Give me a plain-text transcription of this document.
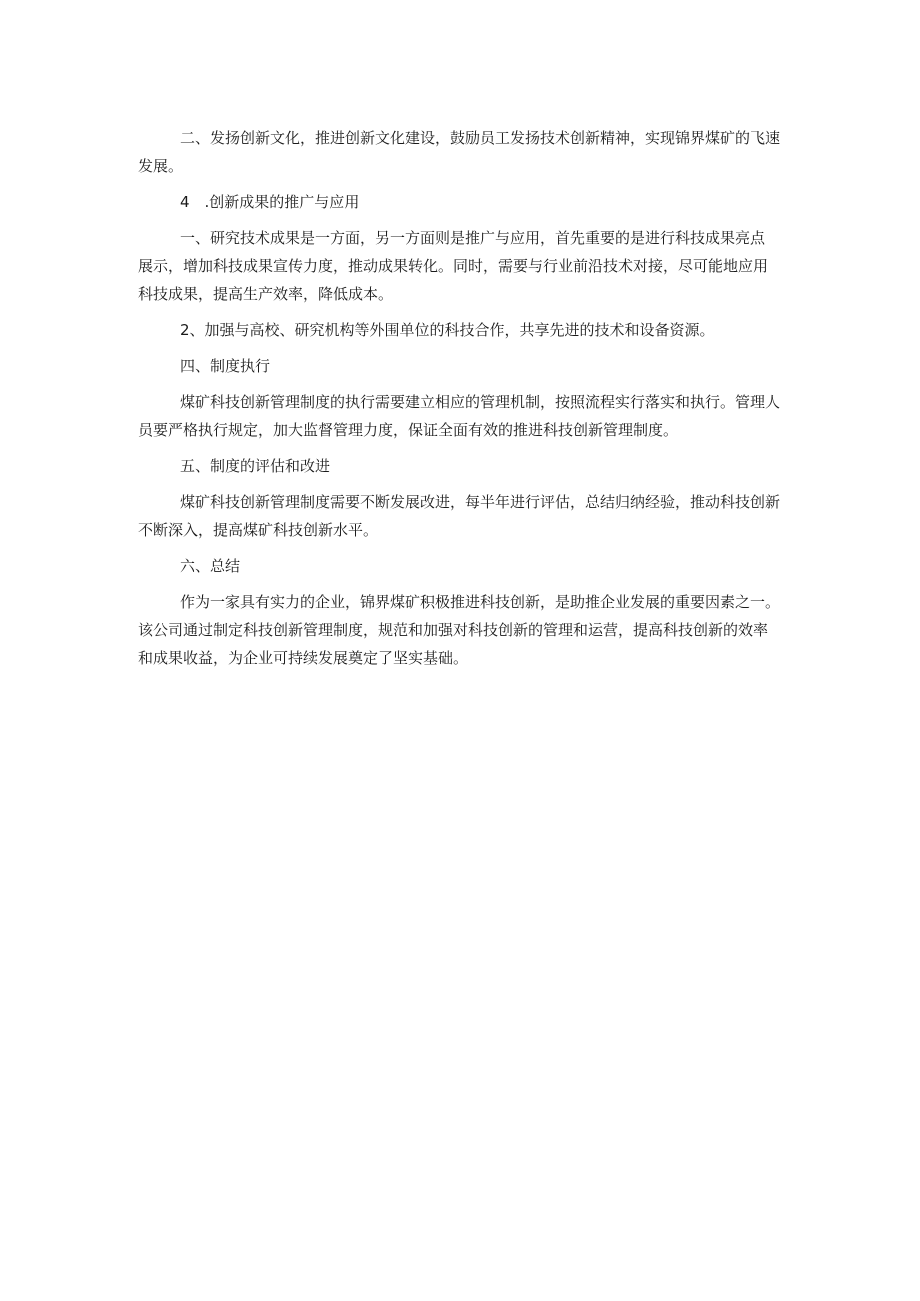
二、发扬创新文化，推进创新文化建设，鼓励员工发扬技术创新精神，实现锦界煤矿的飞速
发展。

4　.创新成果的推广与应用

一、研究技术成果是一方面，另一方面则是推广与应用，首先重要的是进行科技成果亮点
展示，增加科技成果宣传力度，推动成果转化。同时，需要与行业前沿技术对接，尽可能地应用
科技成果，提高生产效率，降低成本。

2、加强与高校、研究机构等外围单位的科技合作，共享先进的技术和设备资源。

四、制度执行

煤矿科技创新管理制度的执行需要建立相应的管理机制，按照流程实行落实和执行。管理人
员要严格执行规定，加大监督管理力度，保证全面有效的推进科技创新管理制度。

五、制度的评估和改进

煤矿科技创新管理制度需要不断发展改进，每半年进行评估，总结归纳经验，推动科技创新
不断深入，提高煤矿科技创新水平。

六、总结

作为一家具有实力的企业，锦界煤矿积极推进科技创新，是助推企业发展的重要因素之一。
该公司通过制定科技创新管理制度，规范和加强对科技创新的管理和运营，提高科技创新的效率
和成果收益，为企业可持续发展奠定了坚实基础。
